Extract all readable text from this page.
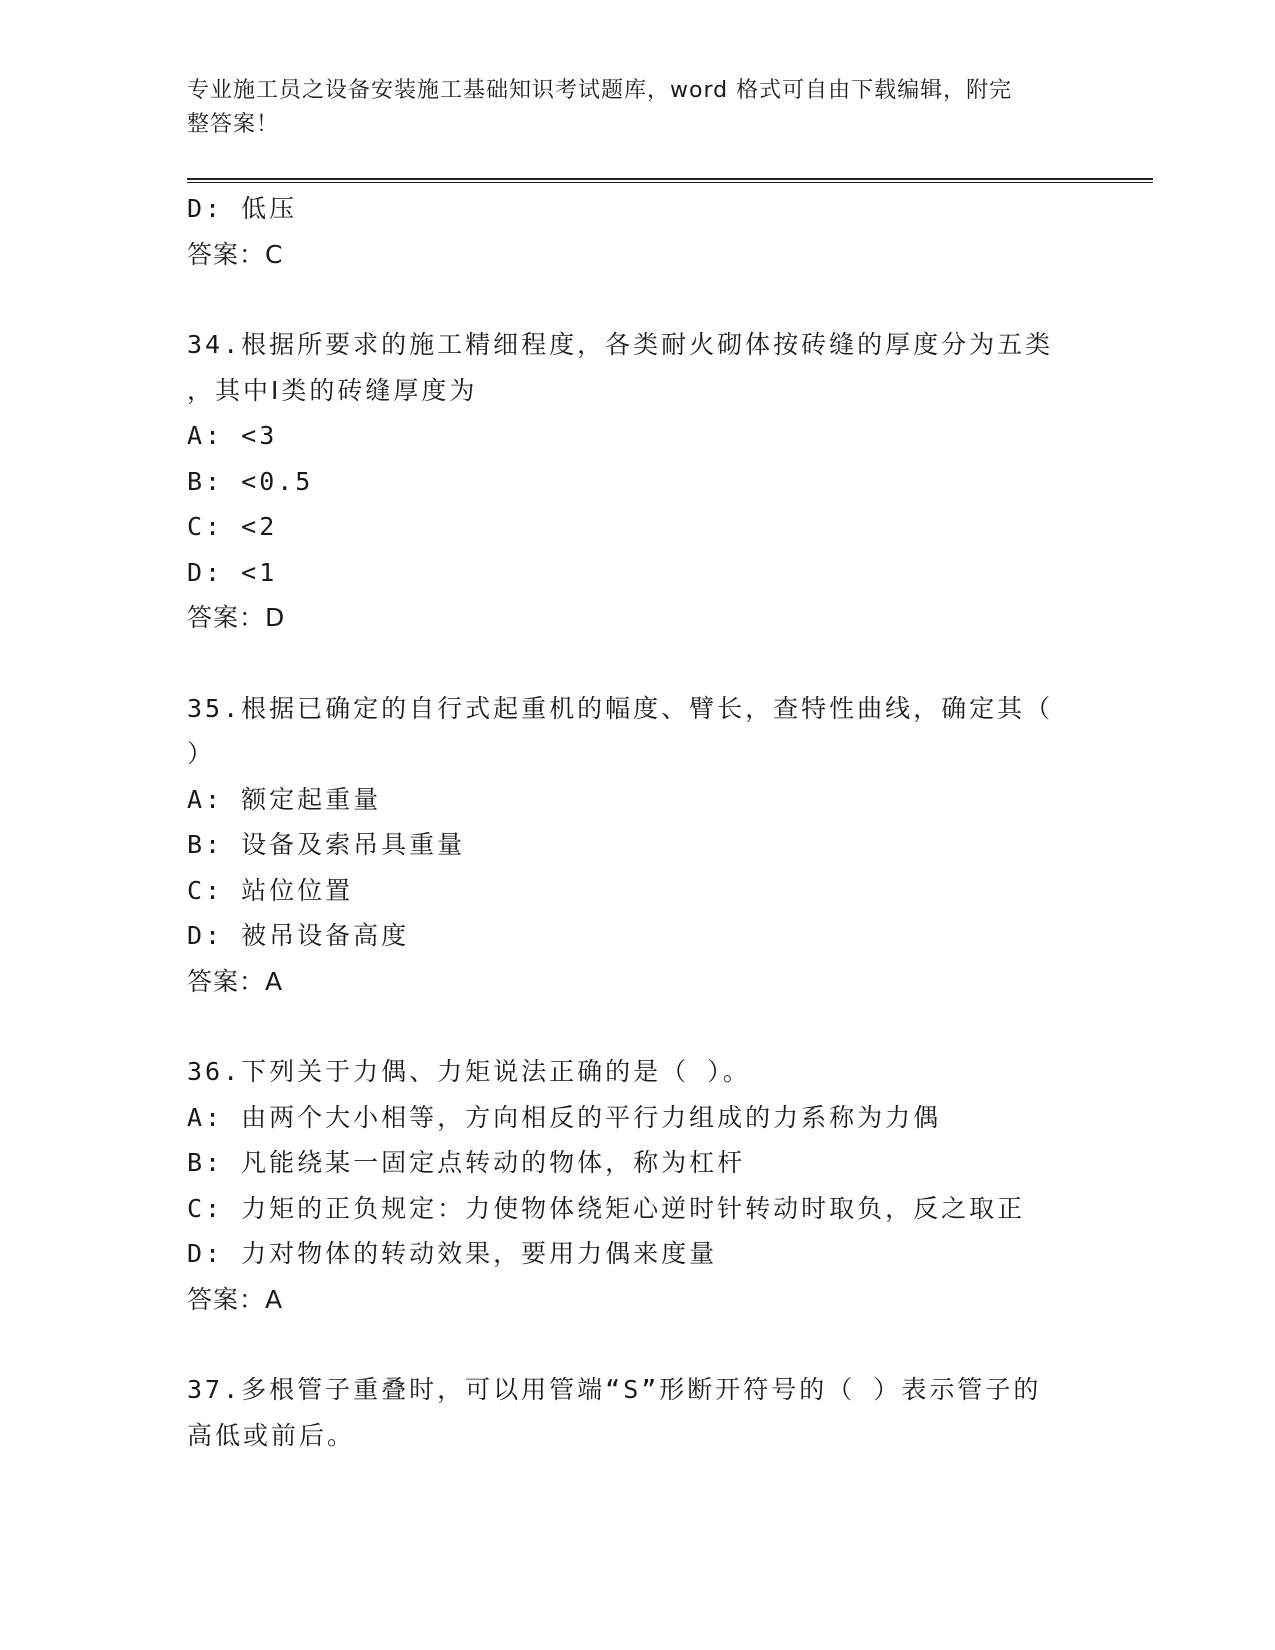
专业施工员之设备安装施工基础知识考试题库，word 格式可自由下载编辑，附完
整答案！
D: 低压
答案：C
34.根据所要求的施工精细程度，各类耐火砌体按砖缝的厚度分为五类
，其中Ⅰ类的砖缝厚度为
A: <3
B: <0.5
C: <2
D: <1
答案：D
35.根据已确定的自行式起重机的幅度、臂长，查特性曲线，确定其（
）
A: 额定起重量
B: 设备及索吊具重量
C: 站位位置
D: 被吊设备高度
答案：A
36.下列关于力偶、力矩说法正确的是（ ）。
A: 由两个大小相等，方向相反的平行力组成的力系称为力偶
B: 凡能绕某一固定点转动的物体，称为杠杆
C: 力矩的正负规定：力使物体绕矩心逆时针转动时取负，反之取正
D: 力对物体的转动效果，要用力偶来度量
答案：A
37.多根管子重叠时，可以用管端“S”形断开符号的（ ）表示管子的
高低或前后。
